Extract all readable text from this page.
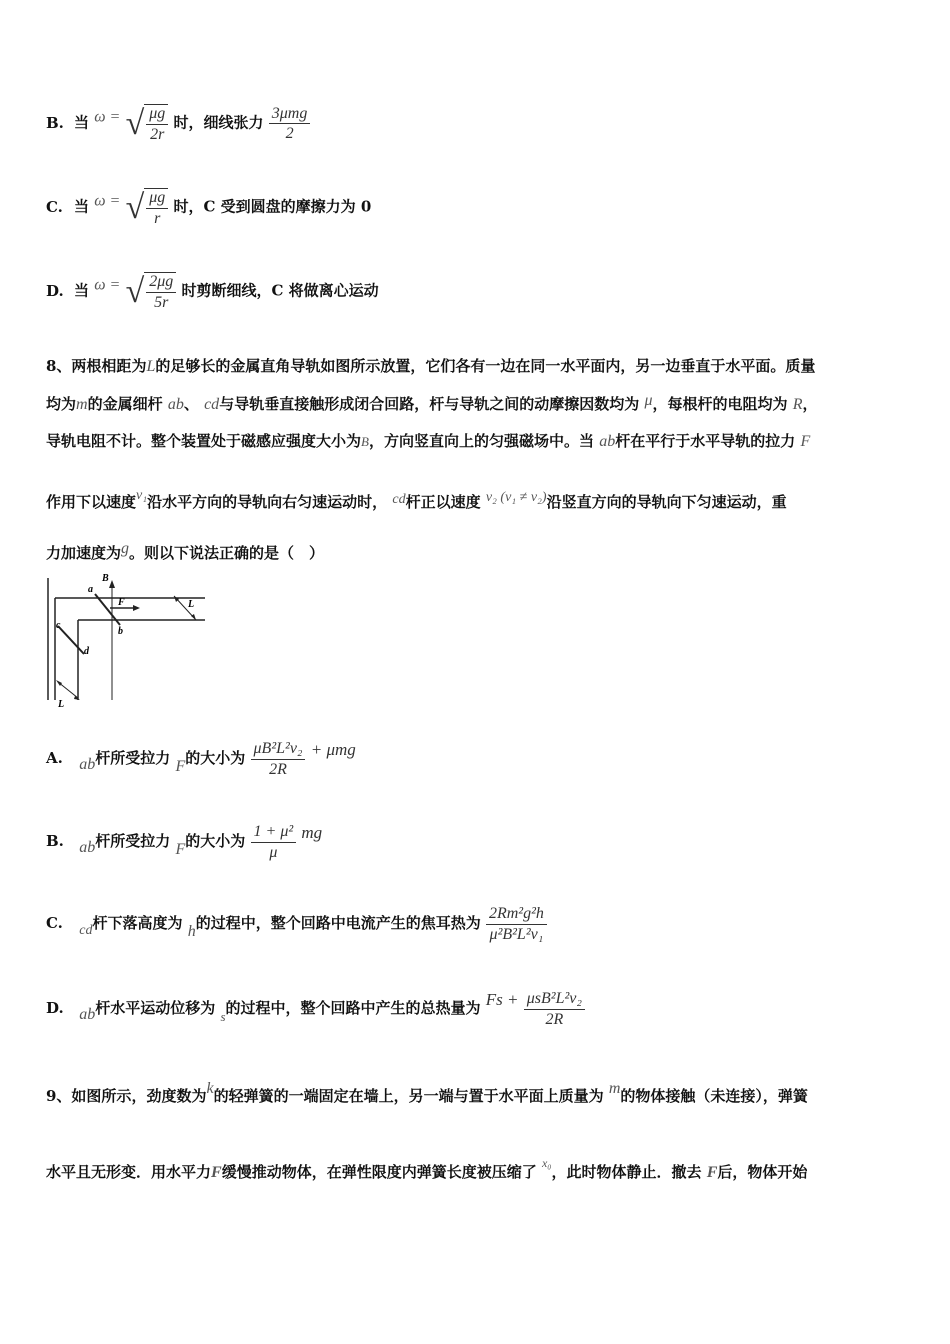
B. 当 ω = √ $\frac{\mu g}{2r}$ 时，细线张力 $\frac{\text{3μmg}}{2}$
C. 当 ω = √ $\frac{\mu g}{r}$ 时，C 受到圆盘的摩擦力为 0
D. 当 ω = √ $\frac{2\mu g}{5r}$ 时剪断细线，C 将做离心运动
8、两根相距为L的足够长的金属直角导轨如图所示放置，它们各有一边在同一水平面内，另一边垂直于水平面。质量
均为m的金属细杆 ab、 cd与导轨垂直接触形成闭合回路，杆与导轨之间的动摩擦因数均为 μ，每根杆的电阻均为 R，
导轨电阻不计。整个装置处于磁感应强度大小为B，方向竖直向上的匀强磁场中。当 ab杆在平行于水平导轨的拉力 F
作用下以速度v₁沿水平方向的导轨向右匀速运动时， cd杆正以速度 v₂ (v₁ ≠ v₂)沿竖直方向的导轨向下匀速运动，重
力加速度为g。则以下说法正确的是（　）
B
a
b
F
c
d
L
L
A. ab杆所受拉力 F的大小为 $\frac{\text{μB²L²v₂}}{2R} + \mu mg$
B. ab杆所受拉力 F的大小为 $\frac{\text{1 + μ²}}{\mu}$ mg
C. cd杆下落高度为 h的过程中，整个回路中电流产生的焦耳热为 $\frac{\text{2Rm²g²h}}{\text{μ²B²L²v₁}}$
D. ab杆水平运动位移为 s的过程中，整个回路中产生的总热量为 $Fs + \frac{\text{μsB²L²v₂}}{2R}$
9、如图所示，劲度数为k的轻弹簧的一端固定在墙上，另一端与置于水平面上质量为 m的物体接触（未连接），弹簧
水平且无形变．用水平力F缓慢推动物体，在弹性限度内弹簧长度被压缩了 $^{x_0}$，此时物体静止．撤去 F后，物体开始
